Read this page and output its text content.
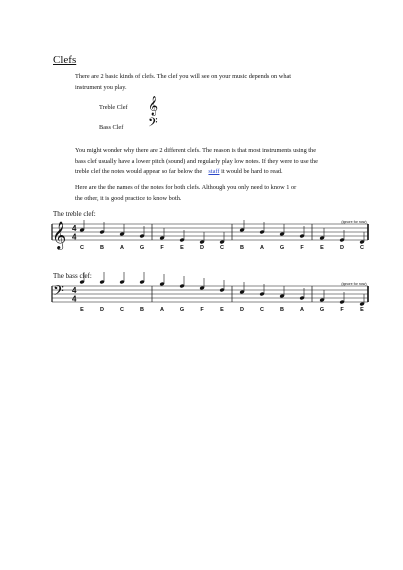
Clefs
There are 2 basic kinds of clefs. The clef you will see on your music depends on what
instrument you play.
Treble Clef 𝄞
Bass Clef 𝄢
You might wonder why there are 2 different clefs. The reason is that most instruments using the
bass clef usually have a lower pitch (sound) and regularly play low notes. If they were to use the
treble clef the notes would appear so far below the staff it would be hard to read.
Here are the the names of the notes for both clefs. Although you only need to know 1 or
the other, it is good practice to know both.
The treble clef:
𝄞 4
4
(ignore for now)
C	B	A	G	F	E	D	C	B	A	G	F	E	D	C
The bass clef:
𝄢 4
4
(ignore for now)
E	D	C	B	A	G	F	E	D	C	B	A	G	F	E
